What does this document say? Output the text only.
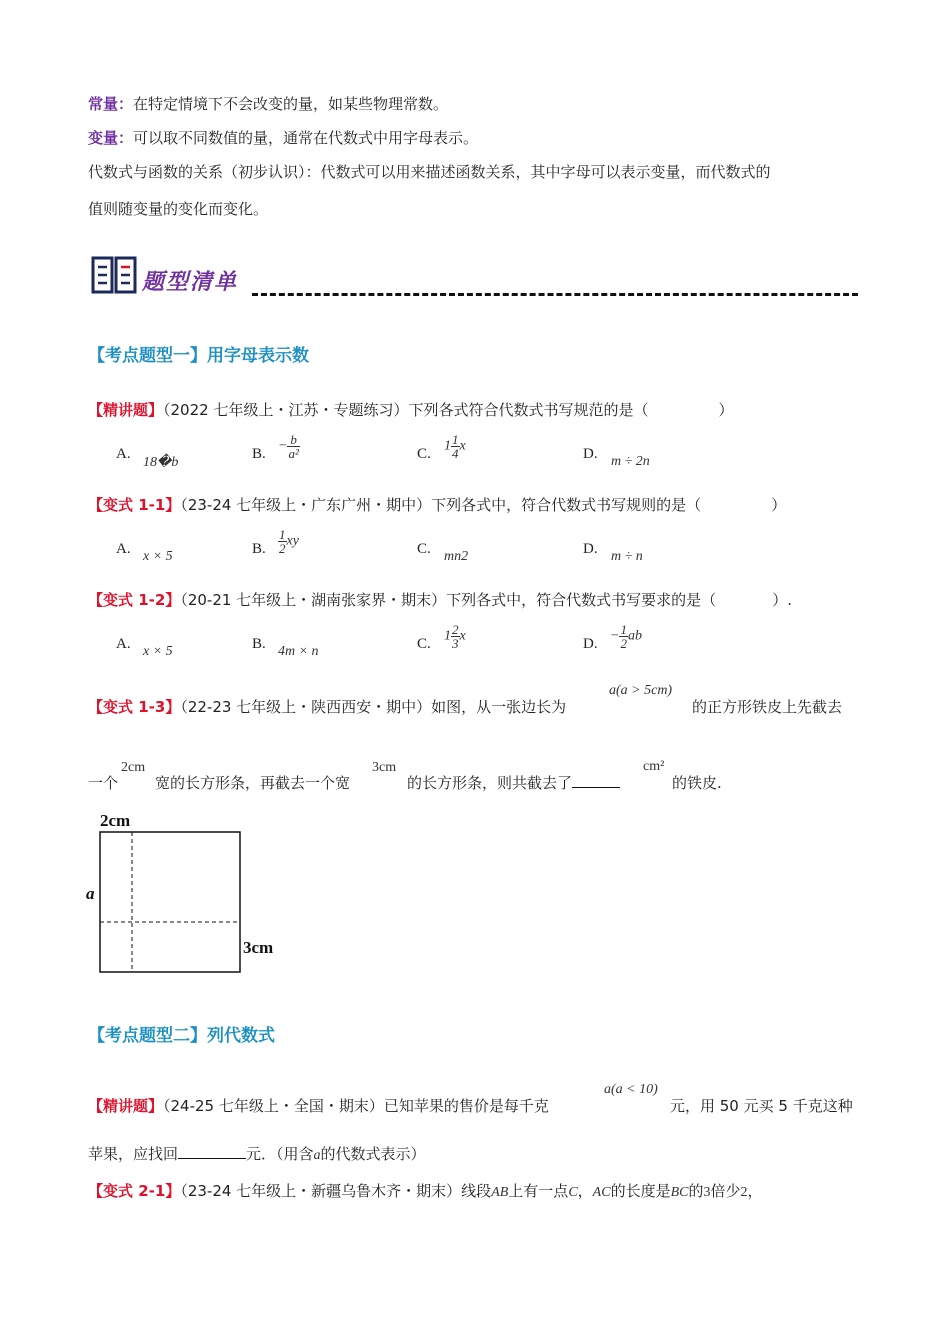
常量：在特定情境下不会改变的量，如某些物理常数。
变量：可以取不同数值的量，通常在代数式中用字母表示。
代数式与函数的关系（初步认识）：代数式可以用来描述函数关系，其中字母可以表示变量，而代数式的
值则随变量的变化而变化。
题型清单
【考点题型一】用字母表示数
【精讲题】（2022 七年级上・江苏・专题练习）下列各式符合代数式书写规范的是（	）
A.
18�b
B. − $\frac{b}{\text{a²}}$	C. $1 \frac{1}{4}$ x	D. m ÷ 2n
【变式 1-1】（23-24 七年级上・广东广州・期中）下列各式中，符合代数式书写规则的是（	）
A. x × 5	B. $\frac{1}{2}$ xy	C. mn2	D. m ÷ n
【变式 1-2】（20-21 七年级上・湖南张家界・期末）下列各式中，符合代数式书写要求的是（	）.
A. x × 5	B. 4m × n	C. $1 \frac{2}{3}$ x	D. − $\frac{1}{2}$ ab
【变式 1-3】（22-23 七年级上・陕西西安・期中）如图，从一张边长为
a(a > 5cm)
的正方形铁皮上先截去
一个
2cm
宽的长方形条，再截去一个宽
3cm
的长方形条，则共截去了
cm²
的铁皮.
2cm
a
3cm
【考点题型二】列代数式
【精讲题】（24-25 七年级上・全国・期末）已知苹果的售价是每千克
a(a < 10)
元，用 50 元买 5 千克这种
苹果，应找回	元．（用含a的代数式表示）
【变式 2-1】（23-24 七年级上・新疆乌鲁木齐・期末）线段AB上有一点C，AC的长度是BC的3倍少2，
